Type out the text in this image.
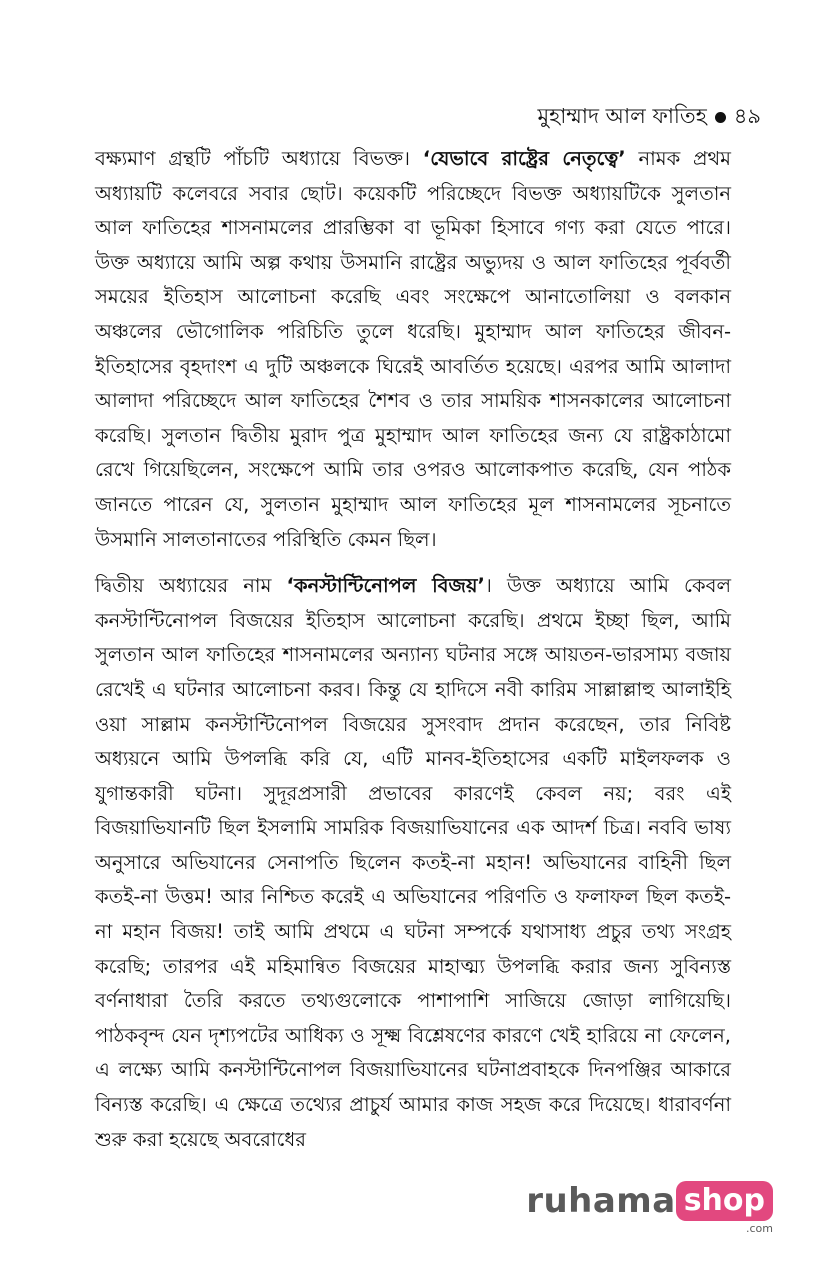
মুহাম্মাদ আল ফাতিহ ৪৯

বক্ষ্যমাণ গ্রন্থটি পাঁচটি অধ্যায়ে বিভক্ত। ‘যেভাবে রাষ্ট্রের নেতৃত্বে’ নামক প্রথম অধ্যায়টি কলেবরে সবার ছোট। কয়েকটি পরিচ্ছেদে বিভক্ত অধ্যায়টিকে সুলতান আল ফাতিহের শাসনামলের প্রারম্ভিকা বা ভূমিকা হিসাবে গণ্য করা যেতে পারে। উক্ত অধ্যায়ে আমি অল্প কথায় উসমানি রাষ্ট্রের অভ্যুদয় ও আল ফাতিহের পূর্ববর্তী সময়ের ইতিহাস আলোচনা করেছি এবং সংক্ষেপে আনাতোলিয়া ও বলকান অঞ্চলের ভৌগোলিক পরিচিতি তুলে ধরেছি। মুহাম্মাদ আল ফাতিহের জীবন-ইতিহাসের বৃহদাংশ এ দুটি অঞ্চলকে ঘিরেই আবর্তিত হয়েছে। এরপর আমি আলাদা আলাদা পরিচ্ছেদে আল ফাতিহের শৈশব ও তার সাময়িক শাসনকালের আলোচনা করেছি। সুলতান দ্বিতীয় মুরাদ পুত্র মুহাম্মাদ আল ফাতিহের জন্য যে রাষ্ট্রকাঠামো রেখে গিয়েছিলেন, সংক্ষেপে আমি তার ওপরও আলোকপাত করেছি, যেন পাঠক জানতে পারেন যে, সুলতান মুহাম্মাদ আল ফাতিহের মূল শাসনামলের সূচনাতে উসমানি সালতানাতের পরিস্থিতি কেমন ছিল।

দ্বিতীয় অধ্যায়ের নাম ‘কনস্টান্টিনোপল বিজয়’। উক্ত অধ্যায়ে আমি কেবল কনস্টান্টিনোপল বিজয়ের ইতিহাস আলোচনা করেছি। প্রথমে ইচ্ছা ছিল, আমি সুলতান আল ফাতিহের শাসনামলের অন্যান্য ঘটনার সঙ্গে আয়তন-ভারসাম্য বজায় রেখেই এ ঘটনার আলোচনা করব। কিন্তু যে হাদিসে নবী কারিম সাল্লাল্লাহু আলাইহি ওয়া সাল্লাম কনস্টান্টিনোপল বিজয়ের সুসংবাদ প্রদান করেছেন, তার নিবিষ্ট অধ্যয়নে আমি উপলব্ধি করি যে, এটি মানব-ইতিহাসের একটি মাইলফলক ও যুগান্তকারী ঘটনা। সুদূরপ্রসারী প্রভাবের কারণেই কেবল নয়; বরং এই বিজয়াভিযানটি ছিল ইসলামি সামরিক বিজয়াভিযানের এক আদর্শ চিত্র। নববি ভাষ্য অনুসারে অভিযানের সেনাপতি ছিলেন কতই-না মহান! অভিযানের বাহিনী ছিল কতই-না উত্তম! আর নিশ্চিত করেই এ অভিযানের পরিণতি ও ফলাফল ছিল কতই-না মহান বিজয়! তাই আমি প্রথমে এ ঘটনা সম্পর্কে যথাসাধ্য প্রচুর তথ্য সংগ্রহ করেছি; তারপর এই মহিমান্বিত বিজয়ের মাহাত্ম্য উপলব্ধি করার জন্য সুবিন্যস্ত বর্ণনাধারা তৈরি করতে তথ্যগুলোকে পাশাপাশি সাজিয়ে জোড়া লাগিয়েছি। পাঠকবৃন্দ যেন দৃশ্যপটের আধিক্য ও সূক্ষ্ম বিশ্লেষণের কারণে খেই হারিয়ে না ফেলেন, এ লক্ষ্যে আমি কনস্টান্টিনোপল বিজয়াভিযানের ঘটনাপ্রবাহকে দিনপঞ্জির আকারে বিন্যস্ত করেছি। এ ক্ষেত্রে তথ্যের প্রাচুর্য আমার কাজ সহজ করে দিয়েছে। ধারাবর্ণনা শুরু করা হয়েছে অবরোধের

ruhama shop
.com
